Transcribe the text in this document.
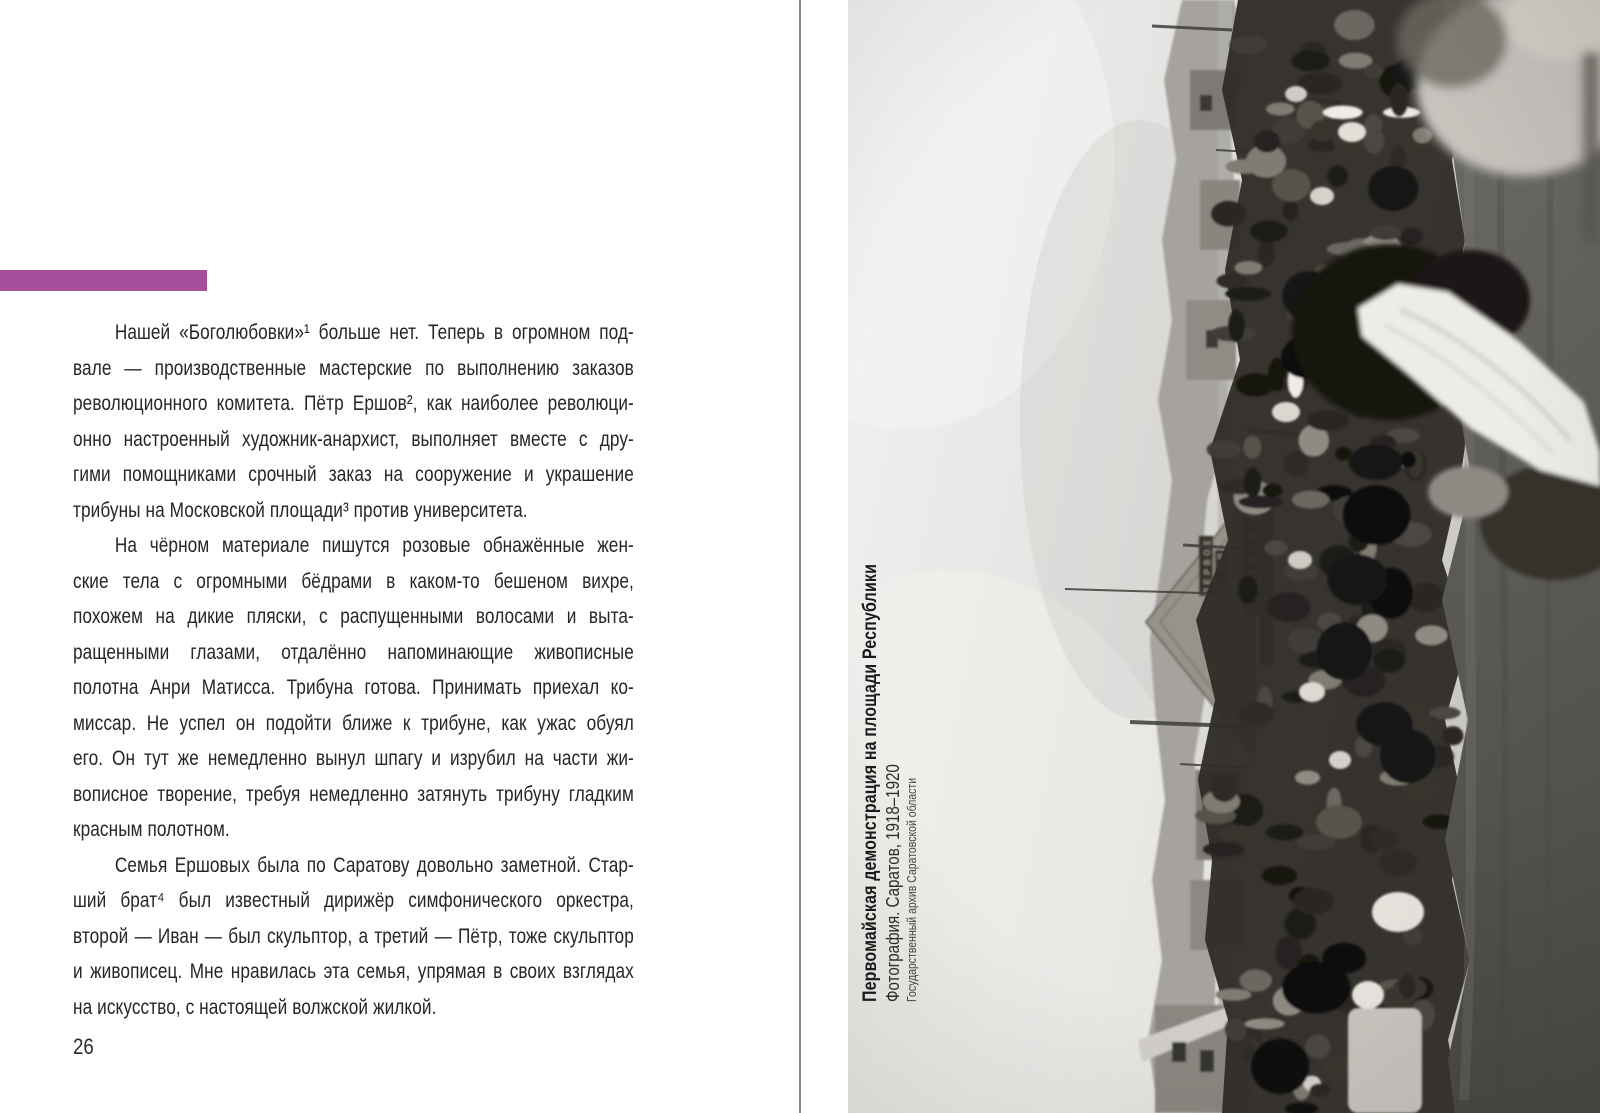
Нашей «Боголюбовки»¹ больше нет. Теперь в огромном под-
вале — производственные мастерские по выполнению заказов
революционного комитета. Пётр Ершов², как наиболее революци-
онно настроенный художник-анархист, выполняет вместе с дру-
гими помощниками срочный заказ на сооружение и украшение
трибуны на Московской площади³ против университета.
На чёрном материале пишутся розовые обнажённые жен-
ские тела с огромными бёдрами в каком-то бешеном вихре,
похожем на дикие пляски, с распущенными волосами и выта-
ращенными глазами, отдалённо напоминающие живописные
полотна Анри Матисса. Трибуна готова. Принимать приехал ко-
миссар. Не успел он подойти ближе к трибуне, как ужас обуял
его. Он тут же немедленно вынул шпагу и изрубил на части жи-
вописное творение, требуя немедленно затянуть трибуну гладким
красным полотном.
Семья Ершовых была по Саратову довольно заметной. Стар-
ший брат⁴ был известный дирижёр симфонического оркестра,
второй — Иван — был скульптор, а третий — Пётр, тоже скульптор
и живописец. Мне нравилась эта семья, упрямая в своих взглядах
на искусство, с настоящей волжской жилкой.
26
Первомайская демонстрация на площади Республики Фотография. Саратов, 1918–1920 Государственный архив Саратовской области
